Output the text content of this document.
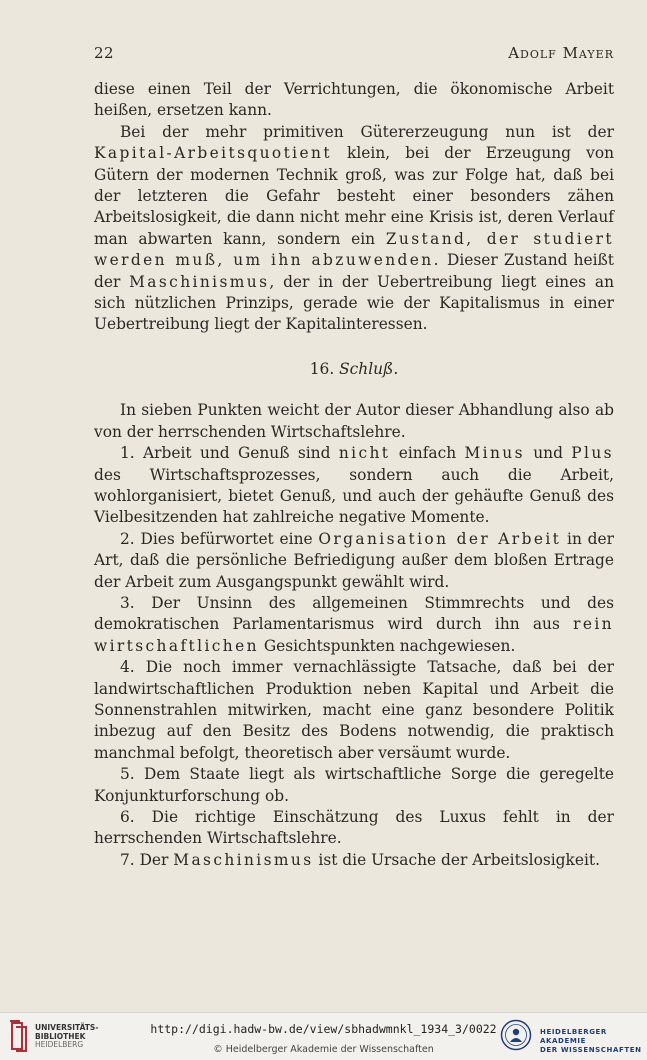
22	Adolf Mayer

diese einen Teil der Verrichtungen, die ökonomische Arbeit heißen, ersetzen kann.

Bei der mehr primitiven Gütererzeugung nun ist der Kapital-Arbeitsquotient klein, bei der Erzeugung von Gütern der modernen Technik groß, was zur Folge hat, daß bei der letzteren die Gefahr besteht einer besonders zähen Arbeitslosigkeit, die dann nicht mehr eine Krisis ist, deren Verlauf man abwarten kann, sondern ein Zustand, der studiert werden muß, um ihn abzuwenden. Dieser Zustand heißt der Maschinismus, der in der Uebertreibung liegt eines an sich nützlichen Prinzips, gerade wie der Kapitalismus in einer Uebertreibung liegt der Kapitalinteressen.

16. Schluß.

In sieben Punkten weicht der Autor dieser Abhandlung also ab von der herrschenden Wirtschaftslehre.

1. Arbeit und Genuß sind nicht einfach Minus und Plus des Wirtschaftsprozesses, sondern auch die Arbeit, wohlorganisiert, bietet Genuß, und auch der gehäufte Genuß des Vielbesitzenden hat zahlreiche negative Momente.

2. Dies befürwortet eine Organisation der Arbeit in der Art, daß die persönliche Befriedigung außer dem bloßen Ertrage der Arbeit zum Ausgangspunkt gewählt wird.

3. Der Unsinn des allgemeinen Stimmrechts und des demokratischen Parlamentarismus wird durch ihn aus rein wirtschaftlichen Gesichtspunkten nachgewiesen.

4. Die noch immer vernachlässigte Tatsache, daß bei der landwirtschaftlichen Produktion neben Kapital und Arbeit die Sonnenstrahlen mitwirken, macht eine ganz besondere Politik inbezug auf den Besitz des Bodens notwendig, die praktisch manchmal befolgt, theoretisch aber versäumt wurde.

5. Dem Staate liegt als wirtschaftliche Sorge die geregelte Konjunkturforschung ob.

6. Die richtige Einschätzung des Luxus fehlt in der herrschenden Wirtschaftslehre.

7. Der Maschinismus ist die Ursache der Arbeitslosigkeit.

UNIVERSITÄTS-
BIBLIOTHEK
HEIDELBERG
http://digi.hadw-bw.de/view/sbhadwmnkl_1934_3/0022
© Heidelberger Akademie der Wissenschaften
HEIDELBERGER AKADEMIE
DER WISSENSCHAFTEN
